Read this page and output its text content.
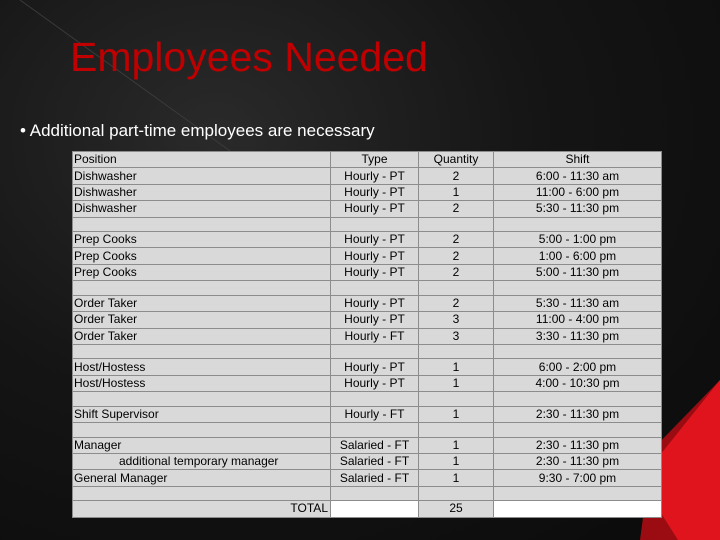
Employees Needed
• Additional part-time employees are necessary
Position	Type	Quantity	Shift
Dishwasher	Hourly - PT	2	6:00 - 11:30 am
Dishwasher	Hourly - PT	1	11:00 - 6:00 pm
Dishwasher	Hourly - PT	2	5:30 - 11:30 pm

Prep Cooks	Hourly - PT	2	5:00 - 1:00 pm
Prep Cooks	Hourly - PT	2	1:00 - 6:00 pm
Prep Cooks	Hourly - PT	2	5:00 - 11:30 pm

Order Taker	Hourly - PT	2	5:30 - 11:30 am
Order Taker	Hourly - PT	3	11:00 - 4:00 pm
Order Taker	Hourly - FT	3	3:30 - 11:30 pm

Host/Hostess	Hourly - PT	1	6:00 - 2:00 pm
Host/Hostess	Hourly - PT	1	4:00 - 10:30 pm

Shift Supervisor	Hourly - FT	1	2:30 - 11:30 pm

Manager	Salaried - FT	1	2:30 - 11:30 pm
additional temporary manager	Salaried - FT	1	2:30 - 11:30 pm
General Manager	Salaried - FT	1	9:30 - 7:00 pm

TOTAL		25	
